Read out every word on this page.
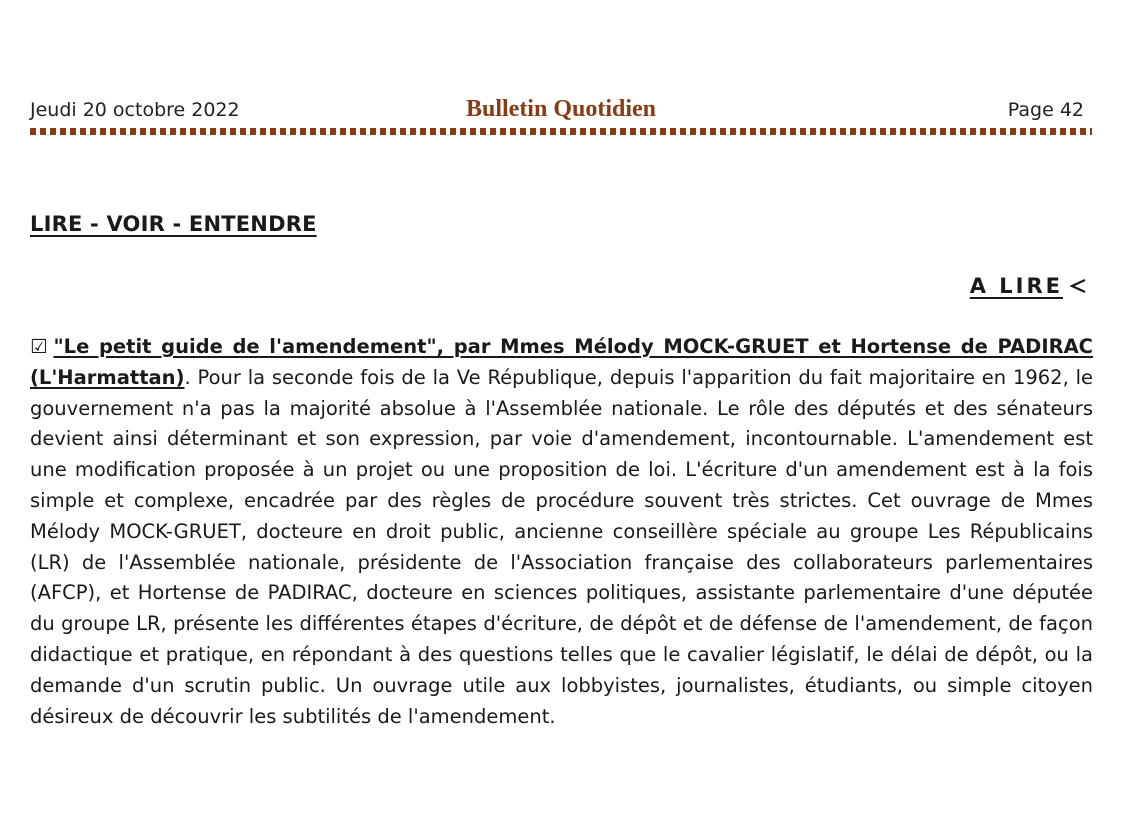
Jeudi 20 octobre 2022	Bulletin Quotidien	Page 42
LIRE - VOIR - ENTENDRE
A LIRE
☑ "Le petit guide de l'amendement", par Mmes Mélody MOCK-GRUET et Hortense de PADIRAC (L'Harmattan). Pour la seconde fois de la Ve République, depuis l'apparition du fait majoritaire en 1962, le gouvernement n'a pas la majorité absolue à l'Assemblée nationale. Le rôle des députés et des sénateurs devient ainsi déterminant et son expression, par voie d'amendement, incontournable. L'amendement est une modification proposée à un projet ou une proposition de loi. L'écriture d'un amendement est à la fois simple et complexe, encadrée par des règles de procédure souvent très strictes. Cet ouvrage de Mmes Mélody MOCK-GRUET, docteure en droit public, ancienne conseillère spéciale au groupe Les Républicains (LR) de l'Assemblée nationale, présidente de l'Association française des collaborateurs parlementaires (AFCP), et Hortense de PADIRAC, docteure en sciences politiques, assistante parlementaire d'une députée du groupe LR, présente les différentes étapes d'écriture, de dépôt et de défense de l'amendement, de façon didactique et pratique, en répondant à des questions telles que le cavalier législatif, le délai de dépôt, ou la demande d'un scrutin public. Un ouvrage utile aux lobbyistes, journalistes, étudiants, ou simple citoyen désireux de découvrir les subtilités de l'amendement.
